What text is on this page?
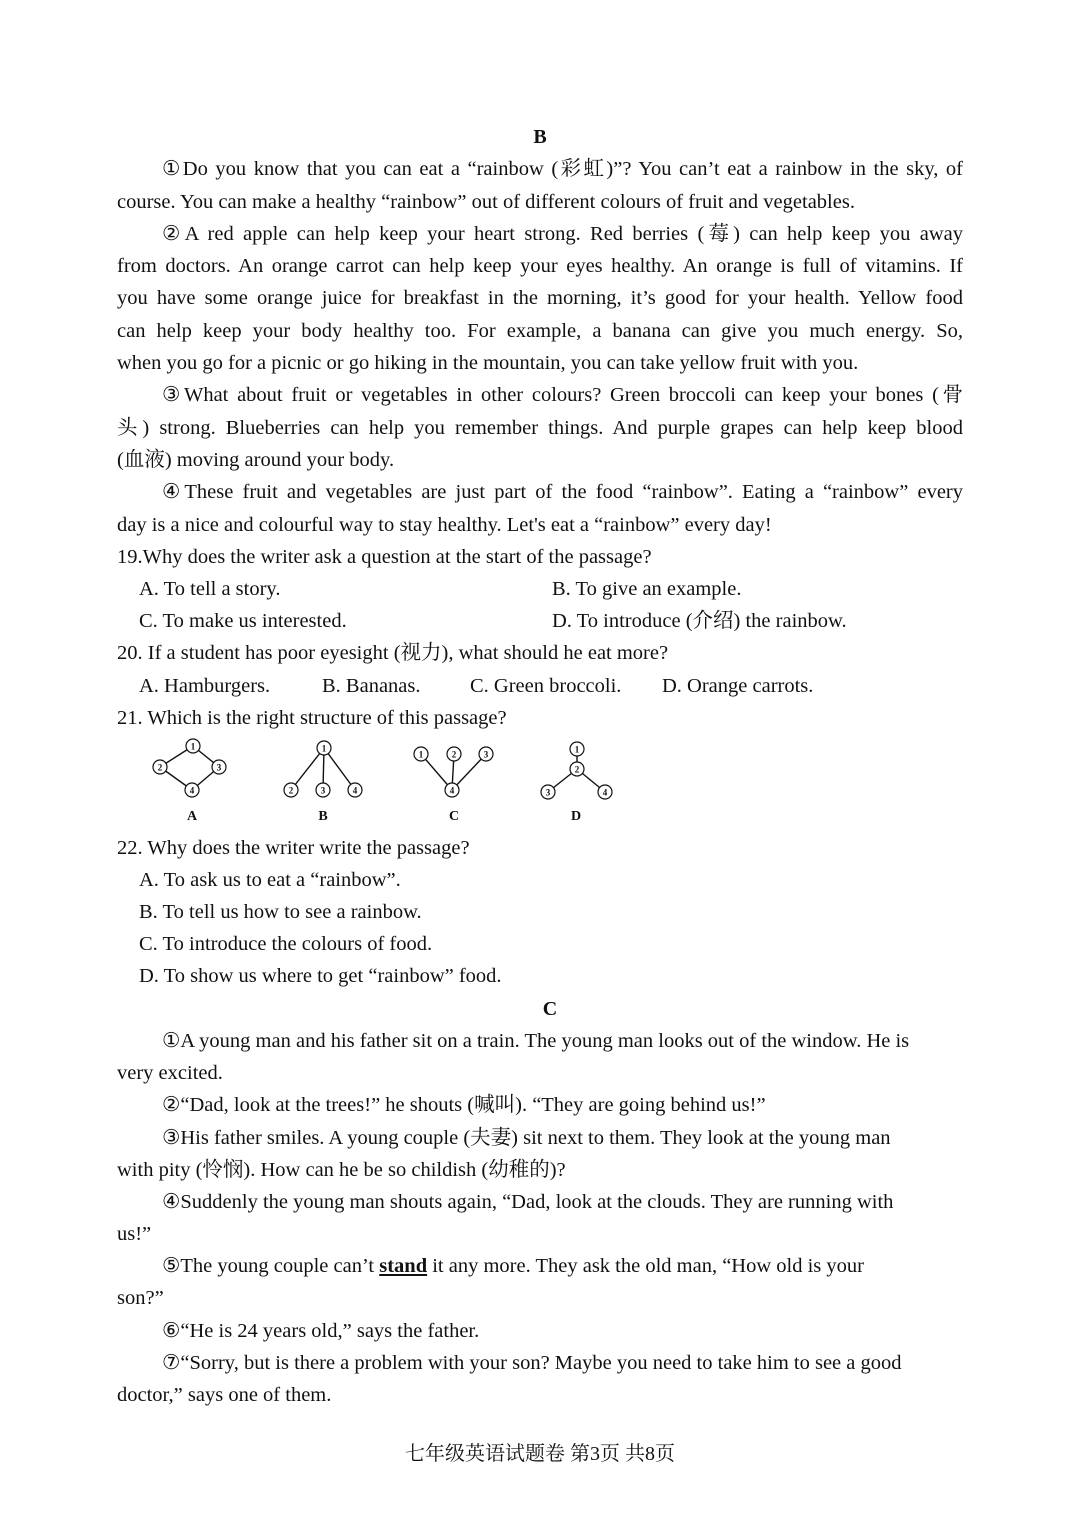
B
①Do you know that you can eat a “rainbow (彩虹)”? You can’t eat a rainbow in the sky, of
course. You can make a healthy “rainbow” out of different colours of fruit and vegetables.
②A red apple can help keep your heart strong. Red berries (莓) can help keep you away
from doctors. An orange carrot can help keep your eyes healthy. An orange is full of vitamins. If
you have some orange juice for breakfast in the morning, it’s good for your health. Yellow food
can help keep your body healthy too. For example, a banana can give you much energy. So,
when you go for a picnic or go hiking in the mountain, you can take yellow fruit with you.
③What about fruit or vegetables in other colours? Green broccoli can keep your bones (骨
头) strong. Blueberries can help you remember things. And purple grapes can help keep blood
(血液) moving around your body.
④These fruit and vegetables are just part of the food “rainbow”. Eating a “rainbow” every
day is a nice and colourful way to stay healthy. Let's eat a “rainbow” every day!
19.Why does the writer ask a question at the start of the passage?
A. To tell a story.	B. To give an example.
C. To make us interested.	D. To introduce (介绍) the rainbow.
20. If a student has poor eyesight (视力), what should he eat more?
A. Hamburgers.	B. Bananas. C. Green broccoli. D. Orange carrots.
21. Which is the right structure of this passage?
1
2	3
4
1
2	3	4
1	2	3
4
1
2
3	4
A	B	C	D
22. Why does the writer write the passage?
A. To ask us to eat a “rainbow”.
B. To tell us how to see a rainbow.
C. To introduce the colours of food.
D. To show us where to get “rainbow” food.
C
①A young man and his father sit on a train. The young man looks out of the window. He is
very excited.
②“Dad, look at the trees!” he shouts (喊叫). “They are going behind us!”
③His father smiles. A young couple (夫妻) sit next to them. They look at the young man
with pity (怜悯). How can he be so childish (幼稚的)?
④Suddenly the young man shouts again, “Dad, look at the clouds. They are running with
us!”
⑤The young couple can’t stand it any more. They ask the old man, “How old is your
son?”
⑥“He is 24 years old,” says the father.
⑦“Sorry, but is there a problem with your son? Maybe you need to take him to see a good
doctor,” says one of them.
七年级英语试题卷 第3页 共8页
